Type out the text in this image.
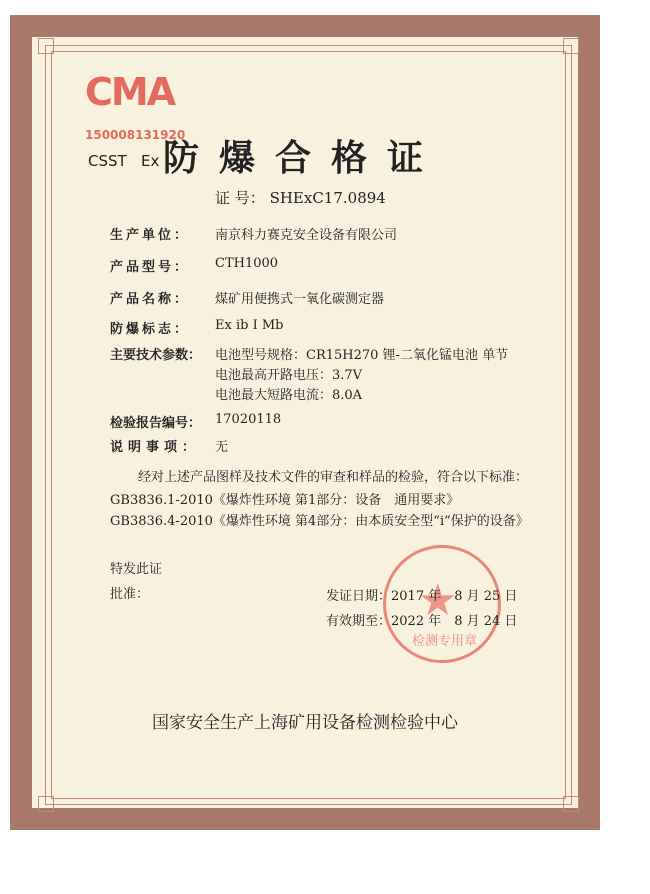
CMA
150008131920
CSST Ex 防爆合格证
证 号： SHExC17.0894
生产单位： 南京科力赛克安全设备有限公司
产品型号： CTH1000
产品名称： 煤矿用便携式一氧化碳测定器
防爆标志： Ex ib I Mb
主要技术参数： 电池型号规格：CR15H270 锂-二氧化锰电池 单节
电池最高开路电压：3.7V
电池最大短路电流：8.0A
检验报告编号： 17020118
说明事项： 无
经对上述产品图样及技术文件的审查和样品的检验，符合以下标准：
GB3836.1-2010《爆炸性环境 第1部分：设备　通用要求》
GB3836.4-2010《爆炸性环境 第4部分：由本质安全型“i”保护的设备》
特发此证
批准：	★
检测专用章
发证日期：2017 年　8 月 25 日
有效期至：2022 年　8 月 24 日
国家安全生产上海矿用设备检测检验中心
